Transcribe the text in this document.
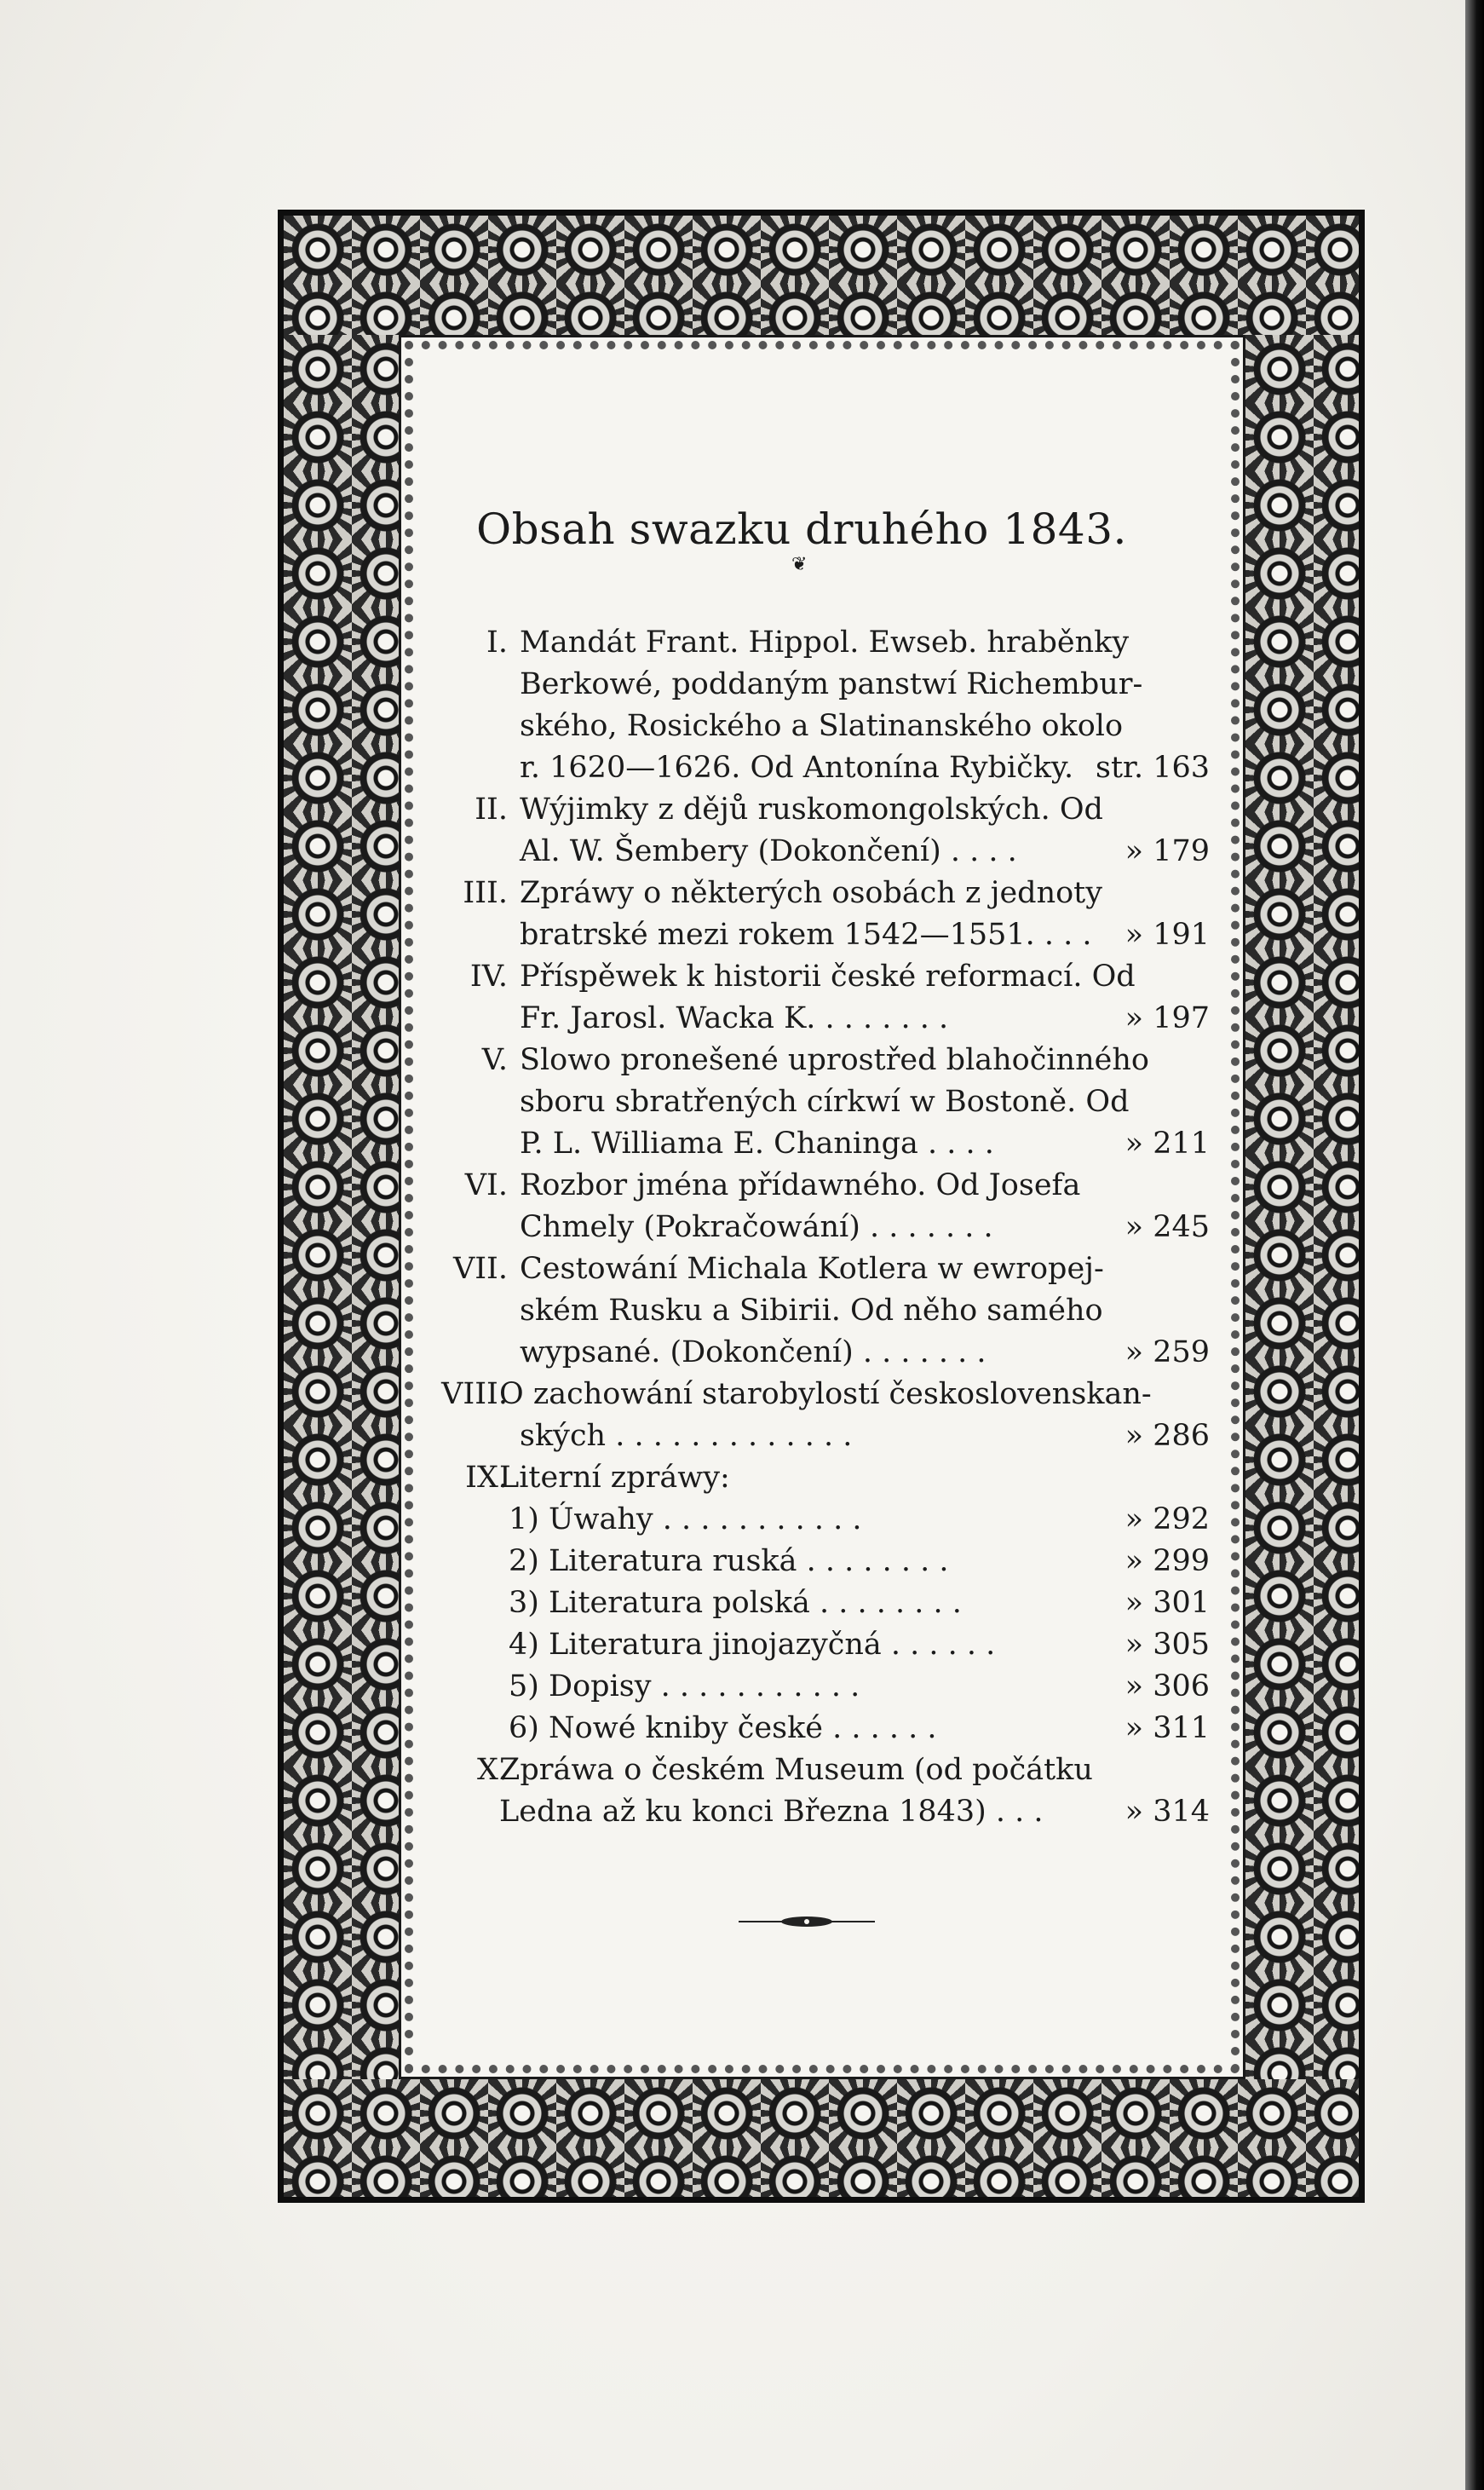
Obsah swazku druhého 1843.
❦
I. Mandát Frant. Hippol. Ewseb. hraběnky
Berkowé, poddaným panstwí Richembur-
ského, Rosického a Slatinanského okolo
r. 1620—1626. Od Antonína Rybičky. str. 163
II. Wýjimky z dějů ruskomongolských. Od
Al. W. Šembery (Dokončení) . . . .	» 179
III. Zpráwy o některých osobách z jednoty
bratrské mezi rokem 1542—1551. . . . » 191
IV. Příspěwek k historii české reformací. Od
Fr. Jarosl. Wacka K. . . . . . . .	» 197
V. Slowo pronešené uprostřed blahočinného
sboru sbratřených církwí w Bostoně. Od
P. L. Williama E. Chaninga . . . .	» 211
VI. Rozbor jména přídawného. Od Josefa
Chmely (Pokračowání) . . . . . . .	» 245
VII. Cestowání Michala Kotlera w ewropej-
ském Rusku a Sibirii. Od něho samého
wypsané. (Dokončení) . . . . . . .	» 259
VIII.
O zachowání starobylostí československan-
ských . . . . . . . . . . . . .	» 286
IX.
Literní zpráwy:
1) Úwahy . . . . . . . . . . .	» 292
2) Literatura ruská . . . . . . . .	» 299
3) Literatura polská . . . . . . . .	» 301
4) Literatura jinojazyčná . . . . . .	» 305
5) Dopisy . . . . . . . . . . .	» 306
6) Nowé kniby české . . . . . .	» 311
X.
Zpráwa o českém Museum (od počátku
Ledna až ku konci Března 1843) . . .	» 314
